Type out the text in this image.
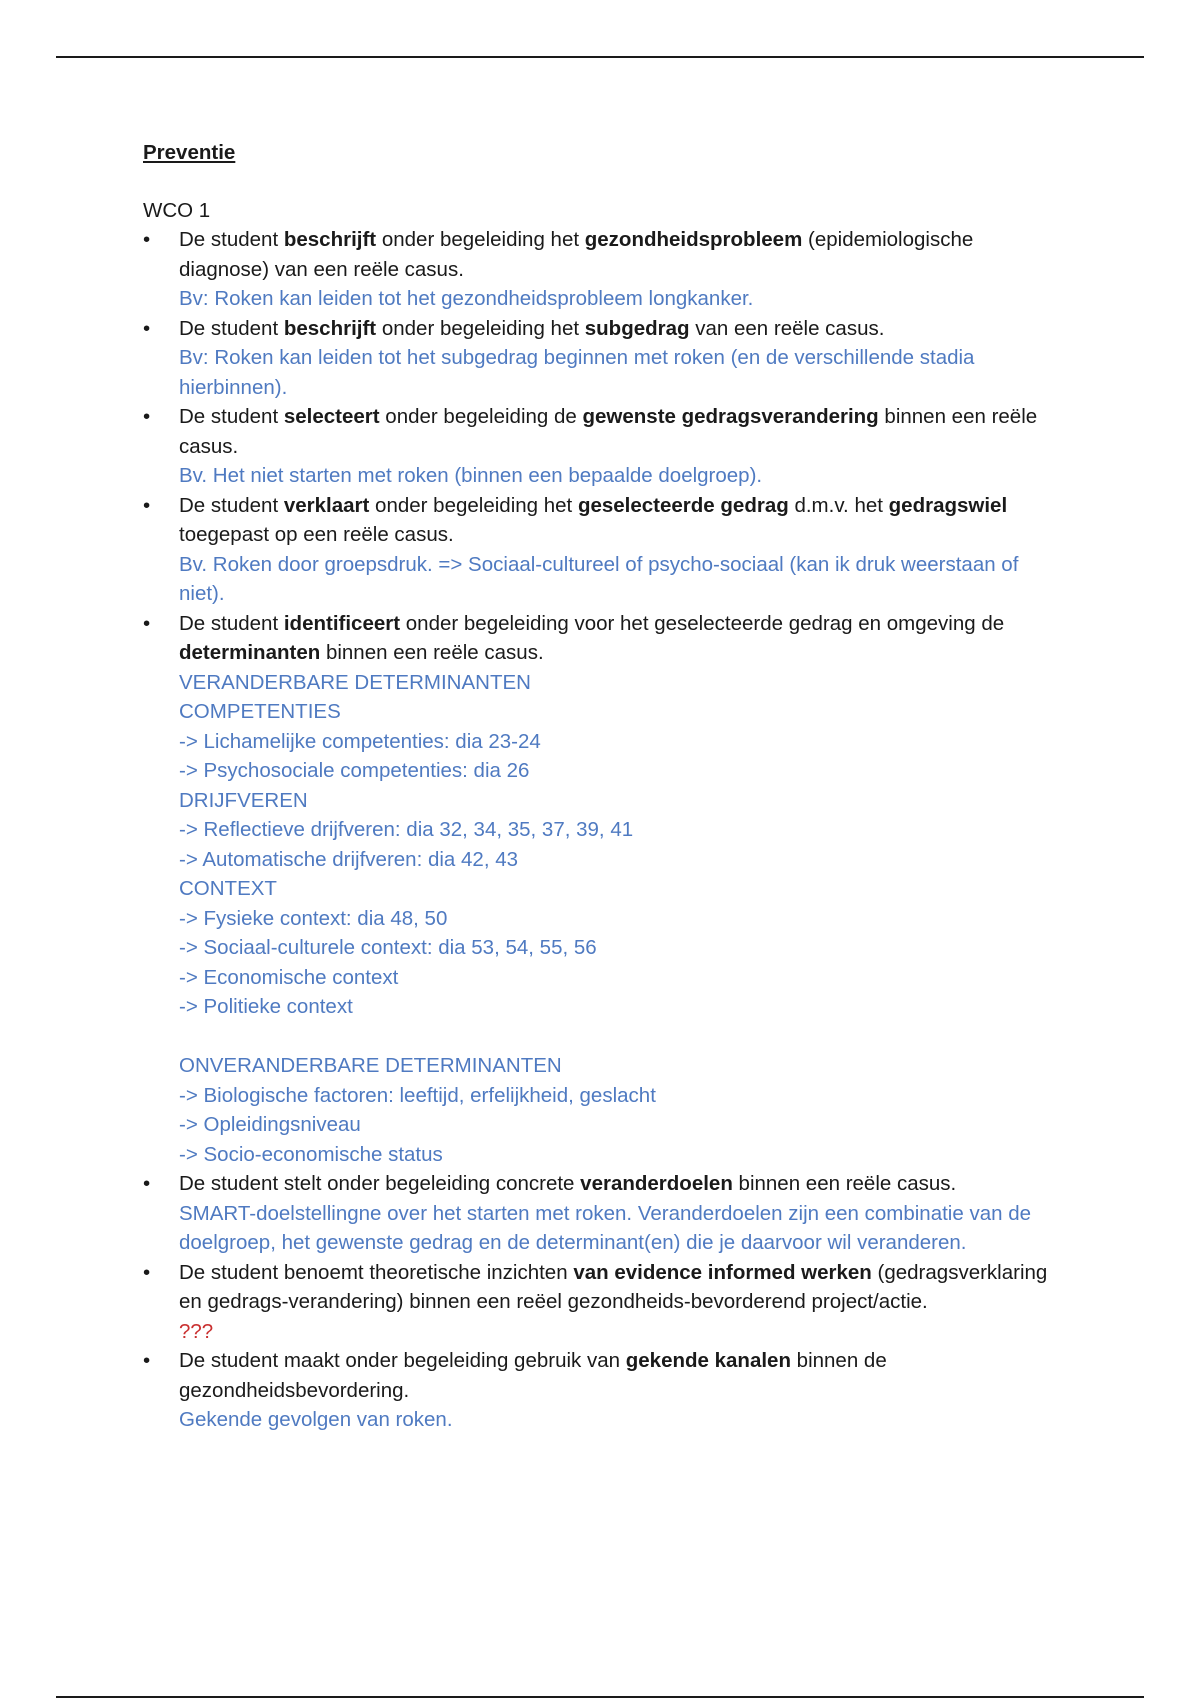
Preventie
WCO 1
• De student beschrijft onder begeleiding het gezondheidsprobleem (epidemiologische diagnose) van een reële casus.
Bv: Roken kan leiden tot het gezondheidsprobleem longkanker.
• De student beschrijft onder begeleiding het subgedrag van een reële casus.
Bv: Roken kan leiden tot het subgedrag beginnen met roken (en de verschillende stadia hierbinnen).
• De student selecteert onder begeleiding de gewenste gedragsverandering binnen een reële casus.
Bv. Het niet starten met roken (binnen een bepaalde doelgroep).
• De student verklaart onder begeleiding het geselecteerde gedrag d.m.v. het gedragswiel toegepast op een reële casus.
Bv. Roken door groepsdruk. => Sociaal-cultureel of psycho-sociaal (kan ik druk weerstaan of niet).
• De student identificeert onder begeleiding voor het geselecteerde gedrag en omgeving de determinanten binnen een reële casus.
VERANDERBARE DETERMINANTEN
COMPETENTIES
-> Lichamelijke competenties: dia 23-24
-> Psychosociale competenties: dia 26
DRIJFVEREN
-> Reflectieve drijfveren: dia 32, 34, 35, 37, 39, 41
-> Automatische drijfveren: dia 42, 43
CONTEXT
-> Fysieke context: dia 48, 50
-> Sociaal-culturele context: dia 53, 54, 55, 56
-> Economische context
-> Politieke context
ONVERANDERBARE DETERMINANTEN
-> Biologische factoren: leeftijd, erfelijkheid, geslacht
-> Opleidingsniveau
-> Socio-economische status
• De student stelt onder begeleiding concrete veranderdoelen binnen een reële casus.
SMART-doelstellingne over het starten met roken. Veranderdoelen zijn een combinatie van de doelgroep, het gewenste gedrag en de determinant(en) die je daarvoor wil veranderen.
• De student benoemt theoretische inzichten van evidence informed werken (gedragsverklaring en gedrags-verandering) binnen een reëel gezondheids-bevorderend project/actie.
???
• De student maakt onder begeleiding gebruik van gekende kanalen binnen de gezondheidsbevordering.
Gekende gevolgen van roken.
